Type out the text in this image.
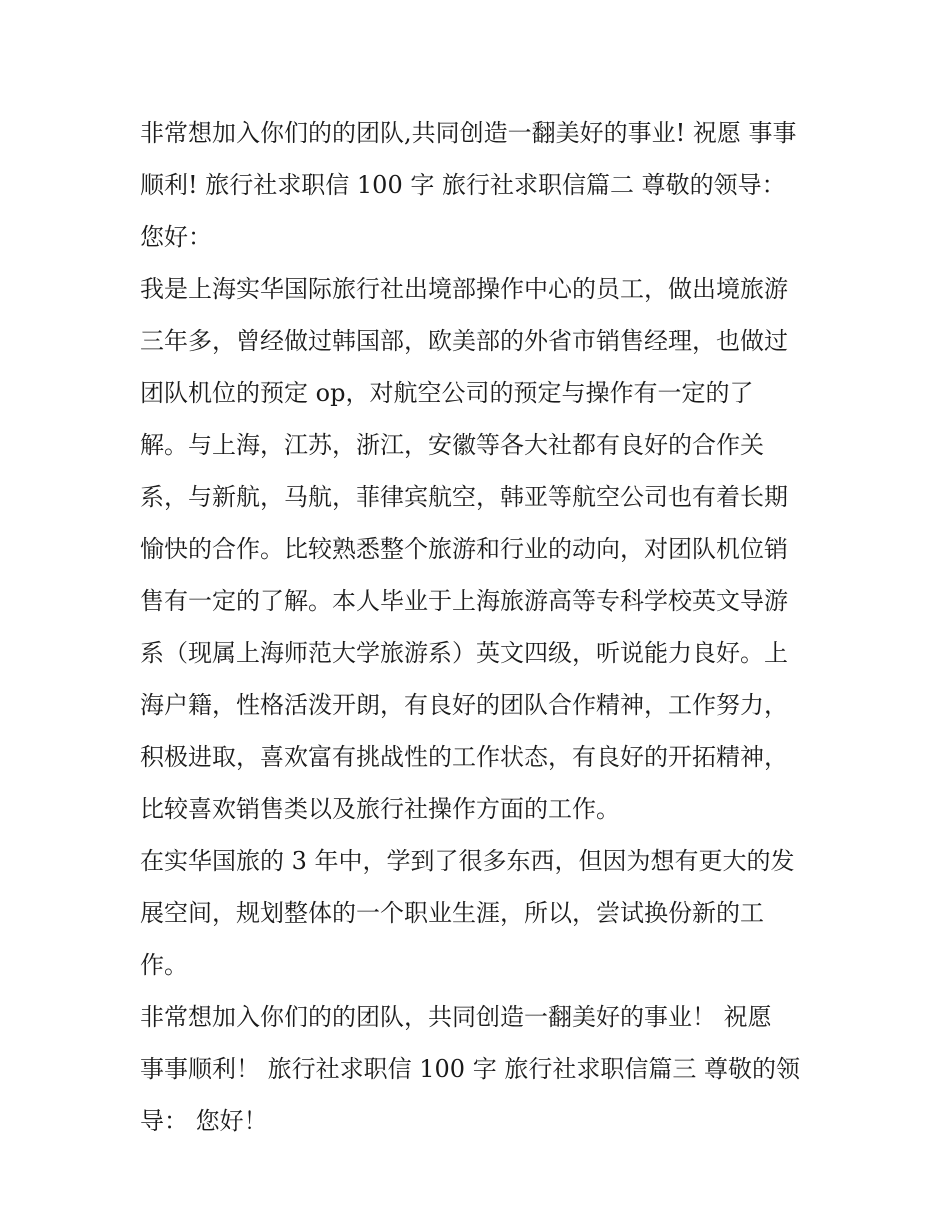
非常想加入你们的的团队,共同创造一翻美好的事业! 祝愿 事事
顺利! 旅行社求职信 100 字 旅行社求职信篇二 尊敬的领导：
您好：
我是上海实华国际旅行社出境部操作中心的员工，做出境旅游
三年多，曾经做过韩国部，欧美部的外省市销售经理，也做过
团队机位的预定 op，对航空公司的预定与操作有一定的了
解。与上海，江苏，浙江，安徽等各大社都有良好的合作关
系，与新航，马航，菲律宾航空，韩亚等航空公司也有着长期
愉快的合作。比较熟悉整个旅游和行业的动向，对团队机位销
售有一定的了解。本人毕业于上海旅游高等专科学校英文导游
系（现属上海师范大学旅游系）英文四级，听说能力良好。上
海户籍，性格活泼开朗，有良好的团队合作精神，工作努力，
积极进取，喜欢富有挑战性的工作状态，有良好的开拓精神，
比较喜欢销售类以及旅行社操作方面的工作。
在实华国旅的 3 年中，学到了很多东西，但因为想有更大的发
展空间，规划整体的一个职业生涯，所以，尝试换份新的工
作。
非常想加入你们的的团队，共同创造一翻美好的事业！ 祝愿
事事顺利！ 旅行社求职信 100 字 旅行社求职信篇三 尊敬的领
导： 您好！
